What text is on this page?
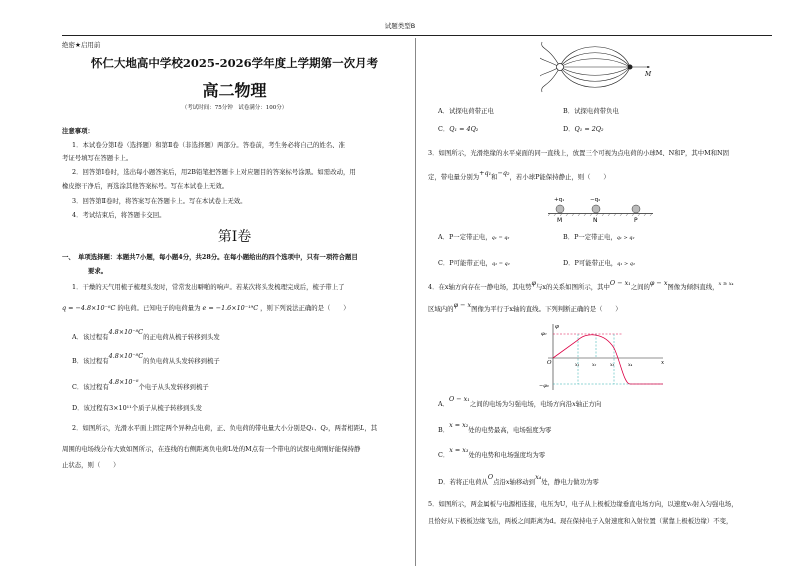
试题类型B
绝密★启用前
怀仁大地高中学校2025-2026学年度上学期第一次月考
高二物理
（考试时间：75分钟　试卷满分：100分）
注意事项：
1．本试卷分第Ⅰ卷（选择题）和第Ⅱ卷（非选择题）两部分。答卷前，考生务必将自己的姓名、准
考证号填写在答题卡上。
2．回答第Ⅰ卷时，选出每小题答案后，用2B铅笔把答题卡上对应题目的答案标号涂黑。如需改动，用
橡皮擦干净后，再选涂其他答案标号。写在本试卷上无效。
3．回答第Ⅱ卷时，将答案写在答题卡上。写在本试卷上无效。
4．考试结束后，将答题卡交回。
第Ⅰ卷
一、　单项选择题：本题共7小题，每小题4分，共28分。在每小题给出的四个选项中，只有一项符合题目
要求。
1．干燥的天气用梳子梳理头发时，常常发出噼啪的响声。若某次将头发梳理完成后，梳子带上了
q = −4.8×10⁻⁸C 的电荷。已知电子的电荷量为 e = −1.6×10⁻¹⁹C ，则下列说法正确的是（　　）
A．该过程有4.8×10⁻⁸C的正电荷从梳子转移到头发
B．该过程有4.8×10⁻⁸C的负电荷从头发转移到梳子
C．该过程有4.8×10⁻⁸个电子从头发转移到梳子
D．该过程有3×10¹¹个质子从梳子转移到头发
2．如图所示，光滑水平面上固定两个异种点电荷，正、负电荷的带电量大小分别是Q₁、Q₂，两者相距L，其
周围的电场线分布大致如图所示，在连线的右侧距离负电荷L处的M点有一个带电的试探电荷刚好能保持静
止状态，则（　　）
A．试探电荷带正电	B．试探电荷带负电
C．Q₁ = 4Q₂	D．Q₁ = 2Q₂
3．如图所示，光滑绝缘的水平桌面的同一直线上，放置三个可视为点电荷的小球M、N和P，其中M和N固
定，带电量分别为+q₁和−q₂，若小球P能保持静止，则（　　）
A．P一定带正电，q₁ = q₂	B．P一定带正电，q₁ > q₂
C．P可能带正电，q₁ = q₂	D．P可能带正电，q₁ > q₂
4．在x轴方向存在一静电场，其电势φ与x的关系如图所示，其中O − x₁之间的φ − x图像为倾斜直线，$^{x \ge x_4}$
区域内的φ − x图像为平行于x轴的直线。下列判断正确的是（　　）
A．O − x₁之间的电场为匀强电场，电场方向沿x轴正方向
B．x = x₂处的电势最高，电场强度为零
C．x = x₃处的电势和电场强度均为零
D．若将正电荷从O点沿x轴移动到x₄处，静电力做功为零
5．如图所示，两金属板与电源相连接，电压为U，电子从上极板边缘垂直电场方向，以速度v₀射入匀强电场，
且恰好从下极板边缘飞出，两板之间距离为d。现在保持电子入射速度和入射位置（紧靠上极板边缘）不变，
M
+q₁	−q₂
M	N	P
φ
φ₀
−φ₀
O	x
x₁	x₂	x₃	x₄
